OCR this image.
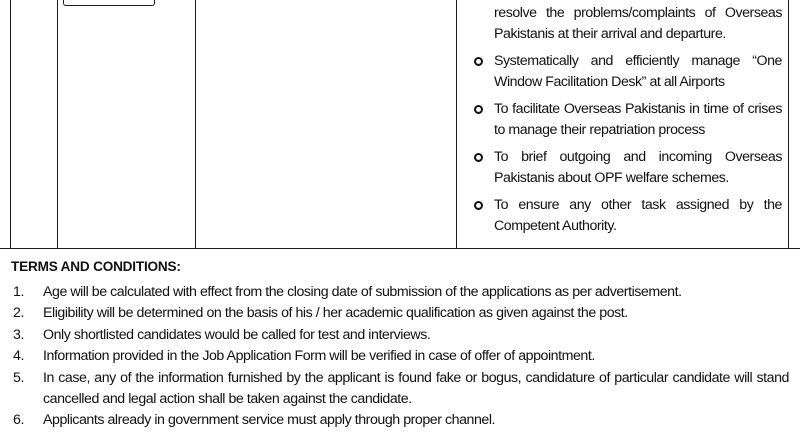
resolve the problems/complaints of Overseas Pakistanis at their arrival and departure.
Systematically and efficiently manage “One Window Facilitation Desk” at all Airports
To facilitate Overseas Pakistanis in time of crises to manage their repatriation process
To brief outgoing and incoming Overseas Pakistanis about OPF welfare schemes.
To ensure any other task assigned by the Competent Authority.
TERMS AND CONDITIONS:
1. Age will be calculated with effect from the closing date of submission of the applications as per advertisement.
2. Eligibility will be determined on the basis of his / her academic qualification as given against the post.
3. Only shortlisted candidates would be called for test and interviews.
4. Information provided in the Job Application Form will be verified in case of offer of appointment.
5. In case, any of the information furnished by the applicant is found fake or bogus, candidature of particular candidate will stand cancelled and legal action shall be taken against the candidate.
6. Applicants already in government service must apply through proper channel.
